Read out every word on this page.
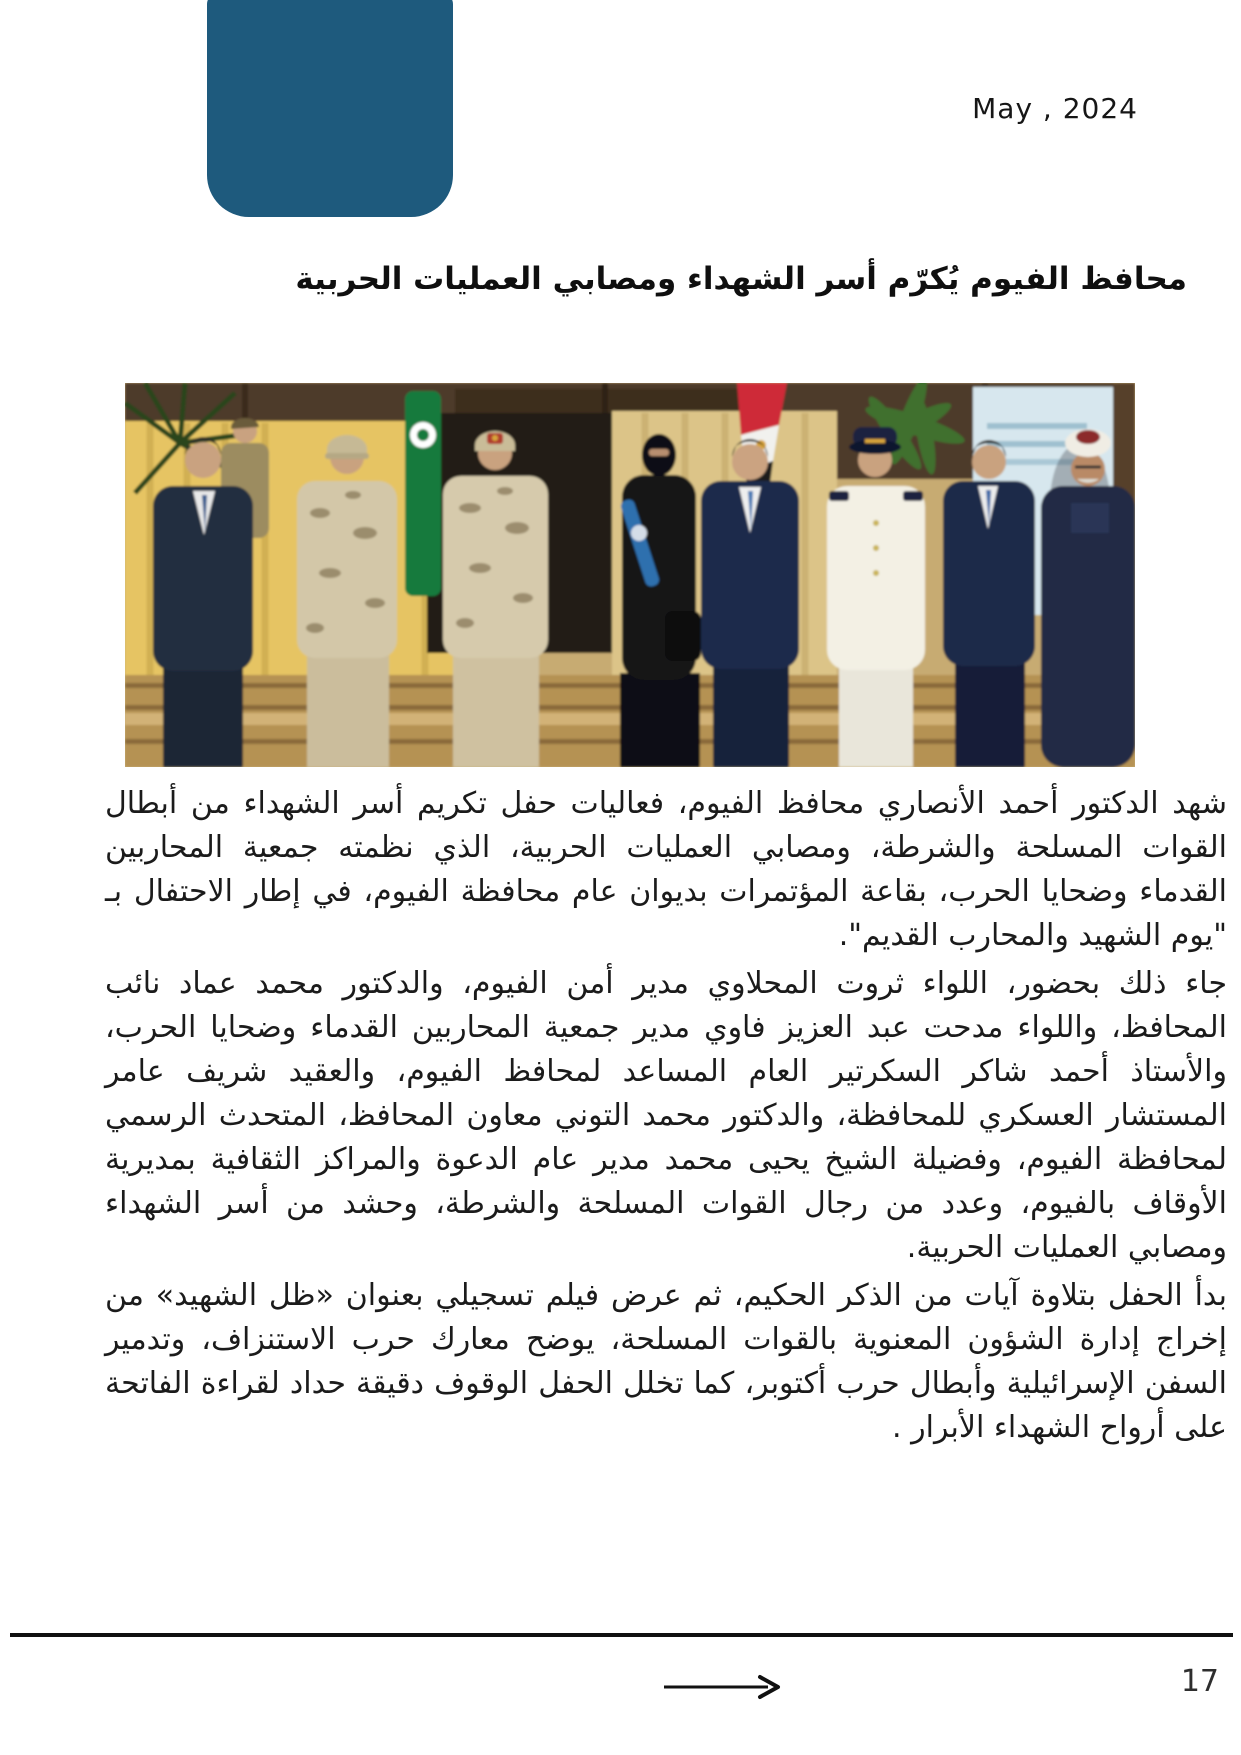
May , 2024
محافظ الفيوم يُكرّم أسر الشهداء ومصابي العمليات الحربية

شهد الدكتور أحمد الأنصاري محافظ الفيوم، فعاليات حفل تكريم أسر الشهداء من أبطال القوات المسلحة والشرطة، ومصابي العمليات الحربية، الذي نظمته جمعية المحاربين القدماء وضحايا الحرب، بقاعة المؤتمرات بديوان عام محافظة الفيوم، في إطار الاحتفال بـ "يوم الشهيد والمحارب القديم".

جاء ذلك بحضور، اللواء ثروت المحلاوي مدير أمن الفيوم، والدكتور محمد عماد نائب المحافظ، واللواء مدحت عبد العزيز فاوي مدير جمعية المحاربين القدماء وضحايا الحرب، والأستاذ أحمد شاكر السكرتير العام المساعد لمحافظ الفيوم، والعقيد شريف عامر المستشار العسكري للمحافظة، والدكتور محمد التوني معاون المحافظ، المتحدث الرسمي لمحافظة الفيوم، وفضيلة الشيخ يحيى محمد مدير عام الدعوة والمراكز الثقافية بمديرية الأوقاف بالفيوم، وعدد من رجال القوات المسلحة والشرطة، وحشد من أسر الشهداء ومصابي العمليات الحربية.

بدأ الحفل بتلاوة آيات من الذكر الحكيم، ثم عرض فيلم تسجيلي بعنوان «ظل الشهيد» من إخراج إدارة الشؤون المعنوية بالقوات المسلحة، يوضح معارك حرب الاستنزاف، وتدمير السفن الإسرائيلية وأبطال حرب أكتوبر، كما تخلل الحفل الوقوف دقيقة حداد لقراءة الفاتحة على أرواح الشهداء الأبرار .

17
